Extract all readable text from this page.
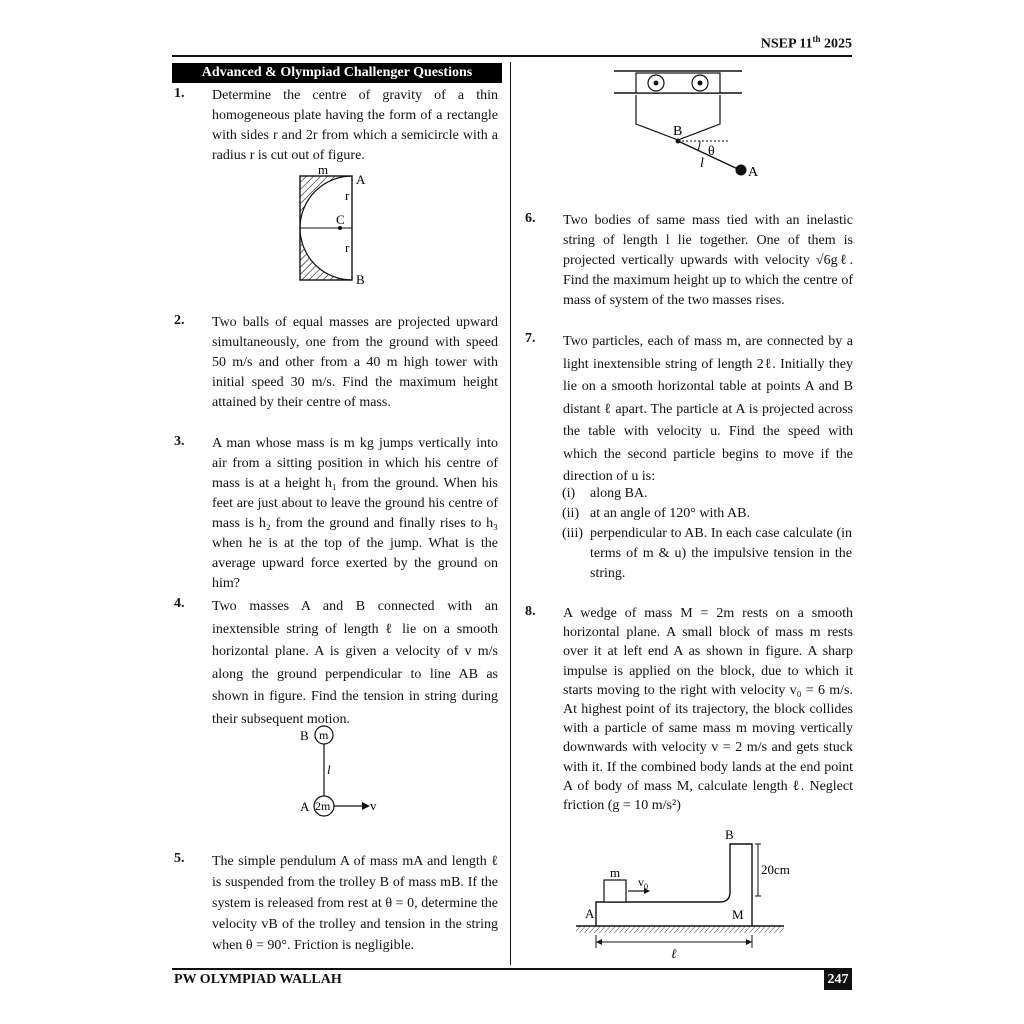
NSEP 11th 2025
Advanced & Olympiad Challenger Questions
1. Determine the centre of gravity of a thin homogeneous plate having the form of a rectangle with sides r and 2r from which a semicircle with a radius r is cut out of figure.
m
A
r
C
r
B
2. Two balls of equal masses are projected upward simultaneously, one from the ground with speed 50 m/s and other from a 40 m high tower with initial speed 30 m/s. Find the maximum height attained by their centre of mass.
3. A man whose mass is m kg jumps vertically into air from a sitting position in which his centre of mass is at a height h₁ from the ground. When his feet are just about to leave the ground his centre of mass is h₂ from the ground and finally rises to h₃ when he is at the top of the jump. What is the average upward force exerted by the ground on him?
4. Two masses A and B connected with an inextensible string of length ℓ lie on a smooth horizontal plane. A is given a velocity of v m/s along the ground perpendicular to line AB as shown in figure. Find the tension in string during their subsequent motion.
B m
l
A 2m	v
5. The simple pendulum A of mass mA and length ℓ is suspended from the trolley B of mass mB. If the system is released from rest at θ = 0, determine the velocity vB of the trolley and tension in the string when θ = 90°. Friction is negligible.
θ
B
l
A
6. Two bodies of same mass tied with an inelastic string of length l lie together. One of them is projected vertically upwards with velocity √6gℓ. Find the maximum height up to which the centre of mass of system of the two masses rises.
7. Two particles, each of mass m, are connected by a light inextensible string of length 2ℓ. Initially they lie on a smooth horizontal table at points A and B distant ℓ apart. The particle at A is projected across the table with velocity u. Find the speed with which the second particle begins to move if the direction of u is:
(i) along BA.
(ii) at an angle of 120° with AB.
(iii) perpendicular to AB. In each case calculate (in terms of m & u) the impulsive tension in the string.
8. A wedge of mass M = 2m rests on a smooth horizontal plane. A small block of mass m rests over it at left end A as shown in figure. A sharp impulse is applied on the block, due to which it starts moving to the right with velocity v₀ = 6 m/s. At highest point of its trajectory, the block collides with a particle of same mass m moving vertically downwards with velocity v = 2 m/s and gets stuck with it. If the combined body lands at the end point A of body of mass M, calculate length ℓ. Neglect friction (g = 10 m/s²)
m
$v_0$
A	M
B
20cm
ℓ
PW OLYMPIAD WALLAH	247
